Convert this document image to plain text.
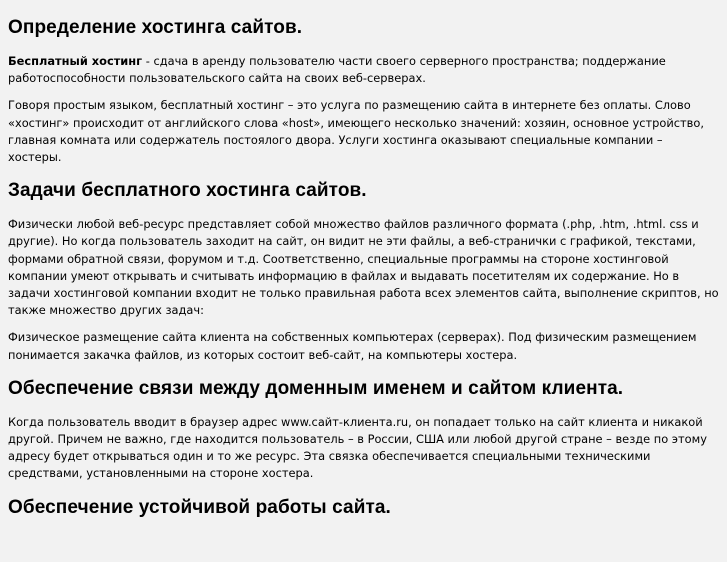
Определение хостинга сайтов.

Бесплатный хостинг - сдача в аренду пользователю части своего серверного пространства; поддержание работоспособности пользовательского сайта на своих веб-серверах.

Говоря простым языком, бесплатный хостинг – это услуга по размещению сайта в интернете без оплаты. Слово «хостинг» происходит от английского слова «host», имеющего несколько значений: хозяин, основное устройство, главная комната или содержатель постоялого двора. Услуги хостинга оказывают специальные компании – хостеры.

Задачи бесплатного хостинга сайтов.

Физически любой веб-ресурс представляет собой множество файлов различного формата (.php, .htm, .html. css и другие). Но когда пользователь заходит на сайт, он видит не эти файлы, а веб-странички с графикой, текстами, формами обратной связи, форумом и т.д. Соответственно, специальные программы на стороне хостинговой компании умеют открывать и считывать информацию в файлах и выдавать посетителям их содержание. Но в задачи хостинговой компании входит не только правильная работа всех элементов сайта, выполнение скриптов, но также множество других задач:

Физическое размещение сайта клиента на собственных компьютерах (серверах). Под физическим размещением понимается закачка файлов, из которых состоит веб-сайт, на компьютеры хостера.

Обеспечение связи между доменным именем и сайтом клиента.

Когда пользователь вводит в браузер адрес www.сайт-клиента.ru, он попадает только на сайт клиента и никакой другой. Причем не важно, где находится пользователь – в России, США или любой другой стране – везде по этому адресу будет открываться один и то же ресурс. Эта связка обеспечивается специальными техническими средствами, установленными на стороне хостера.

Обеспечение устойчивой работы сайта.
